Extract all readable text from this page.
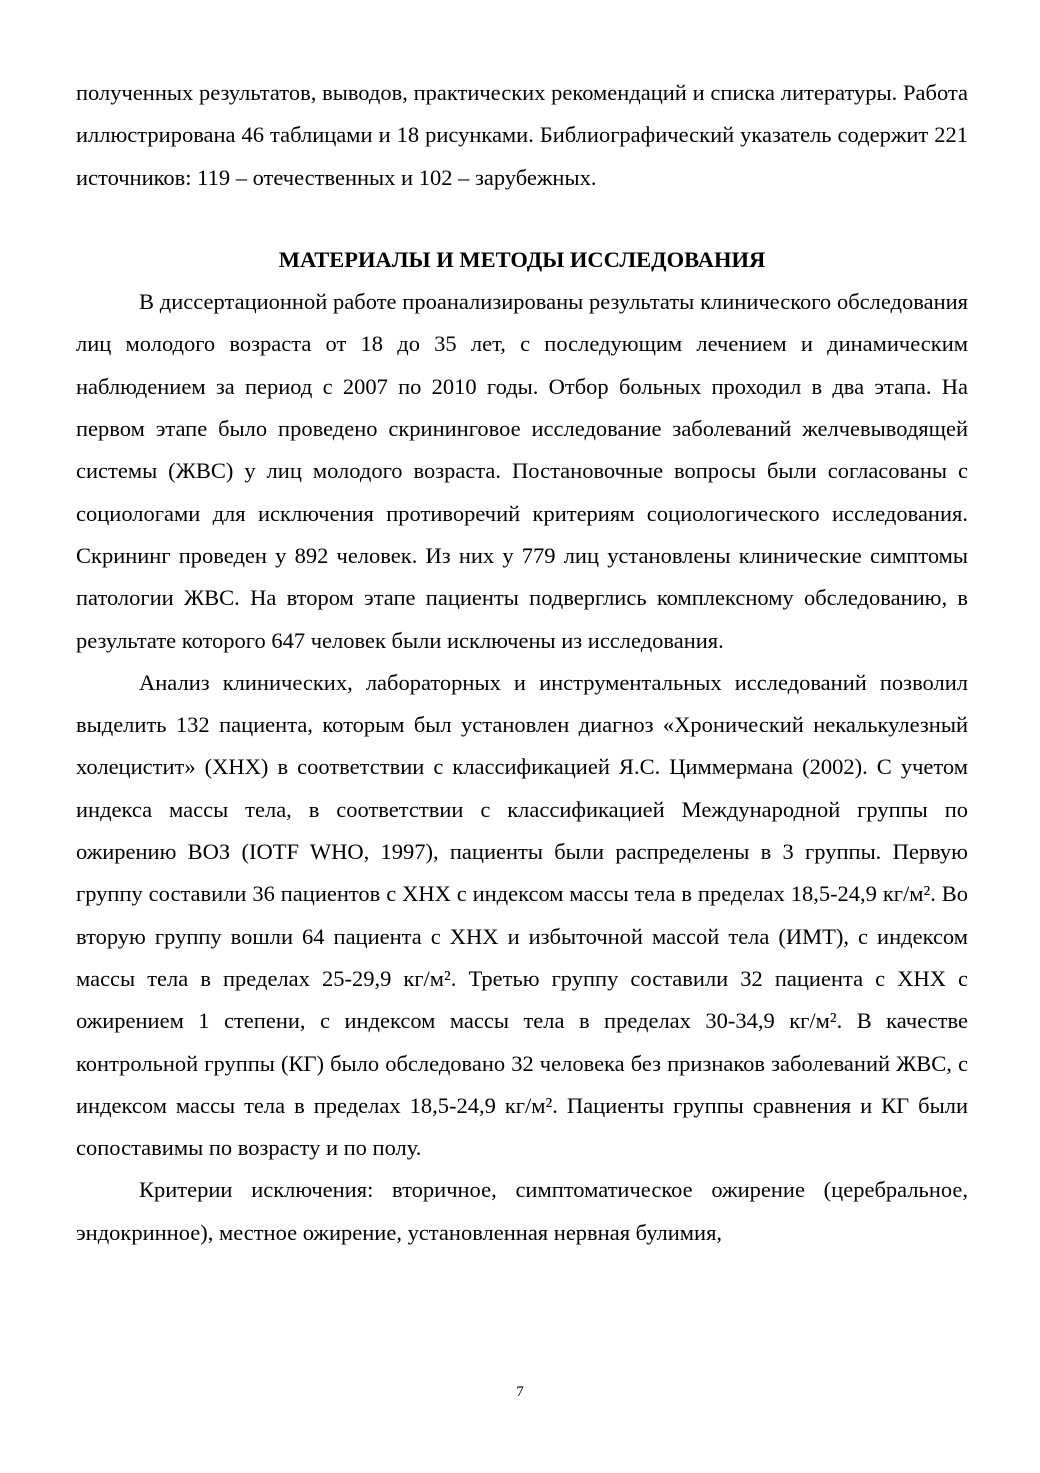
полученных результатов, выводов, практических рекомендаций и списка литературы. Работа иллюстрирована 46 таблицами и 18 рисунками. Библиографический указатель содержит 221 источников: 119 – отечественных и 102 – зарубежных.

МАТЕРИАЛЫ И МЕТОДЫ ИССЛЕДОВАНИЯ

В диссертационной работе проанализированы результаты клинического обследования лиц молодого возраста от 18 до 35 лет, с последующим лечением и динамическим наблюдением за период с 2007 по 2010 годы. Отбор больных проходил в два этапа. На первом этапе было проведено скрининговое исследование заболеваний желчевыводящей системы (ЖВС) у лиц молодого возраста. Постановочные вопросы были согласованы с социологами для исключения противоречий критериям социологического исследования. Скрининг проведен у 892 человек. Из них у 779 лиц установлены клинические симптомы патологии ЖВС. На втором этапе пациенты подверглись комплексному обследованию, в результате которого 647 человек были исключены из исследования.

Анализ клинических, лабораторных и инструментальных исследований позволил выделить 132 пациента, которым был установлен диагноз «Хронический некалькулезный холецистит» (ХНХ) в соответствии с классификацией Я.С. Циммермана (2002). С учетом индекса массы тела, в соответствии с классификацией Международной группы по ожирению ВОЗ (IOTF WHO, 1997), пациенты были распределены в 3 группы. Первую группу составили 36 пациентов с ХНХ с индексом массы тела в пределах 18,5-24,9 кг/м². Во вторую группу вошли 64 пациента с ХНХ и избыточной массой тела (ИМТ), с индексом массы тела в пределах 25-29,9 кг/м². Третью группу составили 32 пациента с ХНХ с ожирением 1 степени, с индексом массы тела в пределах 30-34,9 кг/м². В качестве контрольной группы (КГ) было обследовано 32 человека без признаков заболеваний ЖВС, с индексом массы тела в пределах 18,5-24,9 кг/м². Пациенты группы сравнения и КГ были сопоставимы по возрасту и по полу.

Критерии исключения: вторичное, симптоматическое ожирение (церебральное, эндокринное), местное ожирение, установленная нервная булимия,

7
